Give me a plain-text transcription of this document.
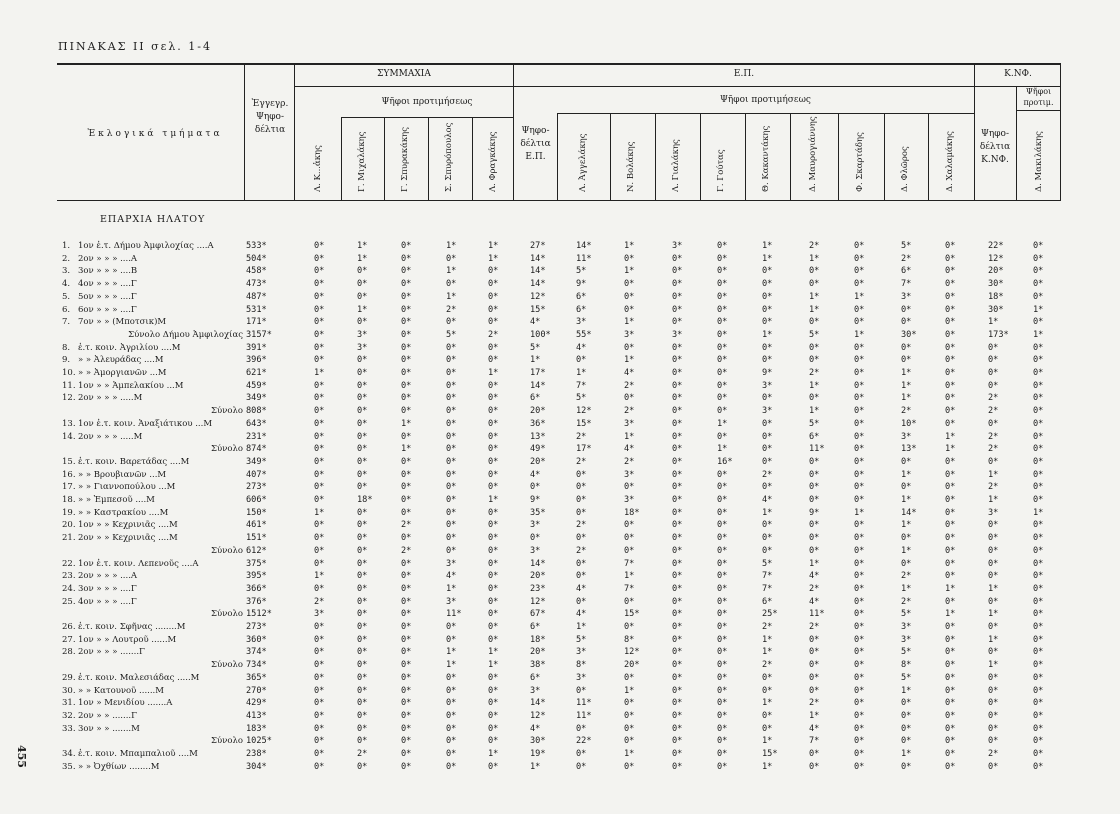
ΠΙΝΑΚΑΣ ΙΙ σελ. 1-4
Ἐκλογικά τμήματα
Ἐγγεγρ.
Ψηφο-
δέλτια
ΣΥΜΜΑΧΙΑ	Ε.Π.	Κ.ΝΦ.
Ψῆφοι προτιμήσεως	Ψῆφοι προτιμήσεως
Ψῆφοι προτιμ.
Ψηφο-
δέλτια
Ε.Π.
Ψηφο-
δέλτια
Κ.ΝΦ.
Λ. Κ...ἀκης	Γ. Μιχαλάκης	Γ. Σπυρακάκης	Σ. Σπυρόπουλος	Λ. Φραγκάκης	Λ. Ἀγγελάκης	Ν. Βολάκης	Λ. Γιαλάκης	Γ. Γούτας	Θ. Κακαντάκης	Δ. Μαυρογιάννης	Φ. Σκαρτάδης	Δ. Φλῶρος	Δ. Χαλαμάκης	Δ. Μακιλάκης
ΕΠΑΡΧΙΑ ΗΛΑΤΟΥ
1. 1ον ἐ.τ. Δήμου Ἀμφιλοχίας ....Α	533*	0*	1*	0*	1*	1*	27*	14*	1*	3*	0*	1*	2*	0*	5*	0*	22*	0*
2. 2ον » » » ....Α	504*	0*	1*	0*	0*	1*	14*	11*	0*	0*	0*	1*	1*	0*	2*	0*	12*	0*
3. 3ον » » » ....Β	458*	0*	0*	0*	1*	0*	14*	5*	1*	0*	0*	0*	0*	0*	6*	0*	20*	0*
4. 4ον » » » ....Γ	473*	0*	0*	0*	0*	0*	14*	9*	0*	0*	0*	0*	0*	0*	7*	0*	30*	0*
5. 5ον » » » ....Γ	487*	0*	0*	0*	1*	0*	12*	6*	0*	0*	0*	0*	1*	1*	3*	0*	18*	0*
6. 6ον » » » ....Γ	531*	0*	1*	0*	2*	0*	15*	6*	0*	0*	0*	0*	1*	0*	0*	0*	30*	1*
7. 7ον » » (Μποτσικ)Μ	171*	0*	0*	0*	0*	0*	4*	3*	1*	0*	0*	0*	0*	0*	0*	0*	1*	0*
Σύνολο Δήμου Ἀμφιλοχίας 3157*	0*	3*	0*	5*	2*	100*	55*	3*	3*	0*	1*	5*	1*	30*	0*	173*	1*
8. ἐ.τ. κοιν. Ἀγριλίου ....Μ	391*	0*	3*	0*	0*	0*	5*	4*	0*	0*	0*	0*	0*	0*	0*	0*	0*	0*
9. » » Ἀλευράδας ....Μ	396*	0*	0*	0*	0*	0*	1*	0*	1*	0*	0*	0*	0*	0*	0*	0*	0*	0*
10. » » Ἀμοργιανῶν ...Μ	621*	1*	0*	0*	0*	1*	17*	1*	4*	0*	0*	9*	2*	0*	1*	0*	0*	0*
11. 1ον » » Ἀμπελακίου ...Μ	459*	0*	0*	0*	0*	0*	14*	7*	2*	0*	0*	3*	1*	0*	1*	0*	0*	0*
12. 2ον » » » .....Μ	349*	0*	0*	0*	0*	0*	6*	5*	0*	0*	0*	0*	0*	0*	1*	0*	2*	0*
Σύνολο 808*	0*	0*	0*	0*	0*	20*	12*	2*	0*	0*	3*	1*	0*	2*	0*	2*	0*
13. 1ον ἐ.τ. κοιν. Ἀναξιάτικου ...Μ	643*	0*	0*	1*	0*	0*	36*	15*	3*	0*	1*	0*	5*	0*	10*	0*	0*	0*
14. 2ον » » » .....Μ	231*	0*	0*	0*	0*	0*	13*	2*	1*	0*	0*	0*	6*	0*	3*	1*	2*	0*
Σύνολο 874*	0*	0*	1*	0*	0*	49*	17*	4*	0*	1*	0*	11*	0*	13*	1*	2*	0*
15. ἐ.τ. κοιν. Βαρετάδας ....Μ	349*	0*	0*	0*	0*	0*	20*	2*	2*	0*	16*	0*	0*	0*	0*	0*	0*	0*
16. » » Βρουβιανῶν ...Μ	407*	0*	0*	0*	0*	0*	4*	0*	3*	0*	0*	2*	0*	0*	1*	0*	1*	0*
17. » » Γιαννοπούλου ...Μ	273*	0*	0*	0*	0*	0*	0*	0*	0*	0*	0*	0*	0*	0*	0*	0*	2*	0*
18. » » Ἐμπεσοῦ ....Μ	606*	0*	18*	0*	0*	1*	9*	0*	3*	0*	0*	4*	0*	0*	1*	0*	1*	0*
19. » » Καστρακίου ....Μ	150*	1*	0*	0*	0*	0*	35*	0*	18*	0*	0*	1*	9*	1*	14*	0*	3*	1*
20. 1ον » » Κεχρινιᾶς ....Μ	461*	0*	0*	2*	0*	0*	3*	2*	0*	0*	0*	0*	0*	0*	1*	0*	0*	0*
21. 2ον » » Κεχρινιᾶς ....Μ	151*	0*	0*	0*	0*	0*	0*	0*	0*	0*	0*	0*	0*	0*	0*	0*	0*	0*
Σύνολο 612*	0*	0*	2*	0*	0*	3*	2*	0*	0*	0*	0*	0*	0*	1*	0*	0*	0*
22. 1ον ἐ.τ. κοιν. Λεπενοῦς ....Α	375*	0*	0*	0*	3*	0*	14*	0*	7*	0*	0*	5*	1*	0*	0*	0*	0*	0*
23. 2ον » » » ....Α	395*	1*	0*	0*	4*	0*	20*	0*	1*	0*	0*	7*	4*	0*	2*	0*	0*	0*
24. 3ον » » » ....Γ	366*	0*	0*	0*	1*	0*	23*	4*	7*	0*	0*	7*	2*	0*	1*	1*	1*	0*
25. 4ον » » » ....Γ	376*	2*	0*	0*	3*	0*	12*	0*	0*	0*	0*	6*	4*	0*	2*	0*	0*	0*
Σύνολο 1512*	3*	0*	0*	11*	0*	67*	4*	15*	0*	0*	25*	11*	0*	5*	1*	1*	0*
26. ἐ.τ. κοιν. Σφῆνας ........Μ	273*	0*	0*	0*	0*	0*	6*	1*	0*	0*	0*	2*	2*	0*	3*	0*	0*	0*
27. 1ον » » Λουτροῦ ......Μ	360*	0*	0*	0*	0*	0*	18*	5*	8*	0*	0*	1*	0*	0*	3*	0*	1*	0*
28. 2ον » » » .......Γ	374*	0*	0*	0*	1*	1*	20*	3*	12*	0*	0*	1*	0*	0*	5*	0*	0*	0*
Σύνολο 734*	0*	0*	0*	1*	1*	38*	8*	20*	0*	0*	2*	0*	0*	8*	0*	1*	0*
29. ἐ.τ. κοιν. Μαλεσιάδας .....Μ	365*	0*	0*	0*	0*	0*	6*	3*	0*	0*	0*	0*	0*	0*	5*	0*	0*	0*
30. » » Κατουνοῦ ......Μ	270*	0*	0*	0*	0*	0*	3*	0*	1*	0*	0*	0*	0*	0*	1*	0*	0*	0*
31. 1ον » Μενιδίου .......Α	429*	0*	0*	0*	0*	0*	14*	11*	0*	0*	0*	1*	2*	0*	0*	0*	0*	0*
32. 2ον » » .......Γ	413*	0*	0*	0*	0*	0*	12*	11*	0*	0*	0*	0*	1*	0*	0*	0*	0*	0*
33. 3ον » » .......Μ	183*	0*	0*	0*	0*	0*	4*	0*	0*	0*	0*	0*	4*	0*	0*	0*	0*	0*
Σύνολο 1025*	0*	0*	0*	0*	0*	30*	22*	0*	0*	0*	1*	7*	0*	0*	0*	0*	0*
34. ἐ.τ. κοιν. Μπαμπαλιοῦ ....Μ	238*	0*	2*	0*	0*	1*	19*	0*	1*	0*	0*	15*	0*	0*	1*	0*	2*	0*
35. » » Ὀχθίων ........Μ	304*	0*	0*	0*	0*	0*	1*	0*	0*	0*	0*	1*	0*	0*	0*	0*	0*	0*
455
